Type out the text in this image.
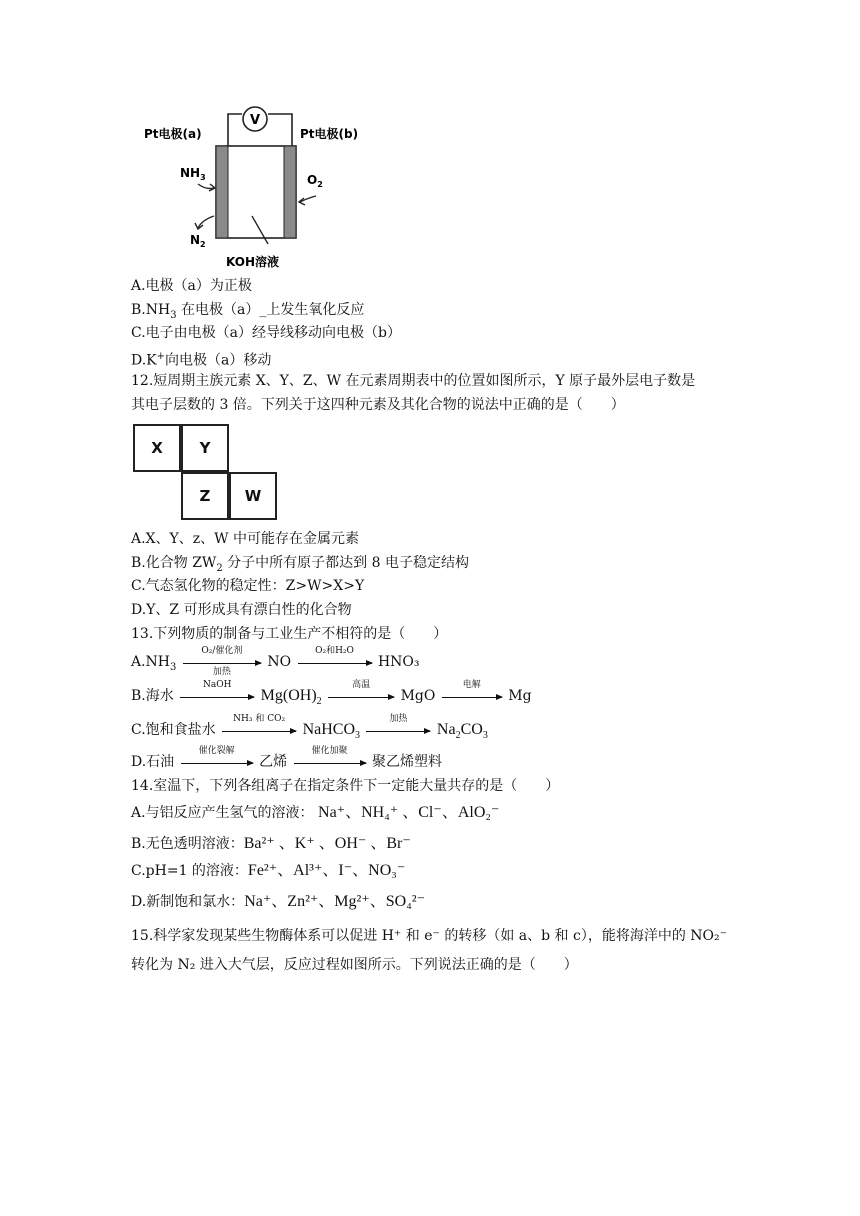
V
Pt电极(a)	Pt电极(b)
$NH_3$
$N_2$
$O_2$
KOH溶液
A.电极（a）为正极
$B.NH_3$ 在电极（a）_上发生氧化反应
C.电子由电极（a）经导线移动向电极（b）
D.K+向电极（a）移动
12.短周期主族元素 X、Y、Z、W 在元素周期表中的位置如图所示，Y 原子最外层电子数是
其电子层数的 3 倍。下列关于这四种元素及其化合物的说法中正确的是（　　）
X	Y
Z	W
A.X、Y、z、W 中可能存在金属元素
B.化合物 $ZW_2$ 分子中所有原子都达到 8 电子稳定结构
C.气态氢化物的稳定性：Z>W>X>Y
D.Y、Z 可形成具有漂白性的化合物
13.下列物质的制备与工业生产不相符的是（　　）
$A.NH_3$
O₂/催化剂
加热
NO
O₂和H₂O
HNO₃
B.海水
NaOH
$Mg(OH)_2$
高温
MgO
电解
Mg
C.饱和食盐水
NH₃ 和 CO₂
NaHCO$_3$
加热
$Na_2CO_3$
D.石油
催化裂解
乙烯
催化加聚
聚乙烯塑料
14.室温下，下列各组离子在指定条件下一定能大量共存的是（　　）
A.与铝反应产生氢气的溶液： Na⁺、NH₄⁺ 、Cl⁻、AlO₂⁻
B.无色透明溶液：Ba²⁺ 、K⁺ 、OH⁻ 、Br⁻
C.pH=1 的溶液：Fe²⁺、Al³⁺、I⁻、NO₃⁻
D.新制饱和氯水：Na⁺、Zn²⁺、Mg²⁺、SO₄²⁻
15.科学家发现某些生物酶体系可以促进 H⁺ 和 e⁻ 的转移（如 a、b 和 c），能将海洋中的 NO₂⁻
转化为 N₂ 进入大气层，反应过程如图所示。下列说法正确的是（　　）
